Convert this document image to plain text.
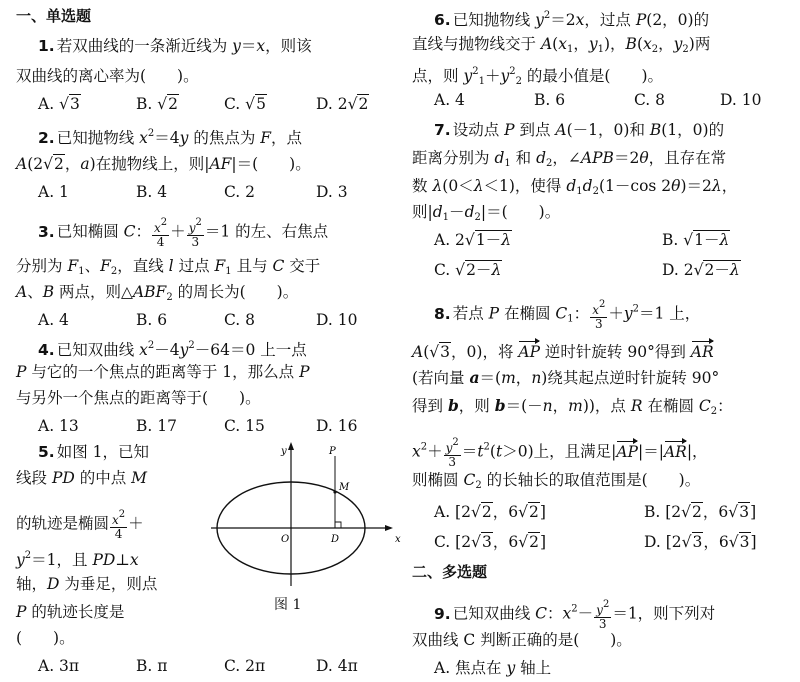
一、单选题
1. 若双曲线的一条渐近线为 y＝x，则该
双曲线的离心率为(　　)。
A. √3	B. √2	C. √5	D. 2√2
2. 已知抛物线 $x^2=4y$ 的焦点为 F，点
A(2√2，a)在抛物线上，则|AF|＝(　　)。
A. 1	B. 4	C. 2	D. 3
3. 已知椭圆 C： $\frac{x^2}{4} + \frac{y^2}{3} =1$ 的左、右焦点
分别为 $F_1$、$F_2$，直线 l 过点 $F_1$ 且与 C 交于
A、B 两点，则$\triangle ABF_2$ 的周长为(　　)。
A. 4	B. 6	C. 8	D. 10
4. 已知双曲线 $x^2-4y^2-64=0$ 上一点
P 与它的一个焦点的距离等于 1，那么点 P
与另外一个焦点的距离等于(　　)。
A. 13	B. 17	C. 15	D. 16
5. 如图 1，已知
线段 PD 的中点 M
的轨迹是椭圆 $\frac{x^2}{4}$ ＋
$y^2=1$，且 PD⊥x
轴，D 为垂足，则点
P 的轨迹长度是
(　　)。
A. 3π	B. π	C. 2π	D. 4π
y
x
O	D
P
M
图 1
6. 已知抛物线 $y^2=2x$，过点 P(2，0)的
直线与抛物线交于 $A(x_1$，$y_1$)，$B(x_2$，$y_2$)两
点，则 $y^2_1+y^2_2$ 的最小值是(　　)。
A. 4	B. 6	C. 8	D. 10
7. 设动点 P 到点 A(－1，0)和 B(1，0)的
距离分别为 $d_1$ 和 $d_2$，∠APB＝2θ，且存在常
数 λ(0＜λ＜1)，使得 $d_1d_2(1-\cos$ 2θ)＝2λ，
则$|d_1-d_2|=$(　　)。
A. 2√1－λ	B. √1－λ
C. √2－λ	D. 2√2－λ
8. 若点 P 在椭圆 $C_1$： $\frac{x^2}{3} +y^2=1$ 上，
A(√3，0)，将 AP 逆时针旋转 90°得到 AR
(若向量 a＝(m，n)绕其起点逆时针旋转 90°
得到 b，则 b＝(－n，m))，点 R 在椭圆 $C_2$：
$x^2+ \frac{y^2}{3} =t^2(t>0)$上，且满足|AP|＝|AR|，
则椭圆 $C_2$ 的长轴长的取值范围是(　　)。
A. [2√2，6√2]	B. [2√2，6√3]
C. [2√3，6√2]	D. [2√3，6√3]
二、多选题
9. 已知双曲线 C：$x^2- \frac{y^2}{3} =1$，则下列对
双曲线 C 判断正确的是(　　)。
A. 焦点在 y 轴上
